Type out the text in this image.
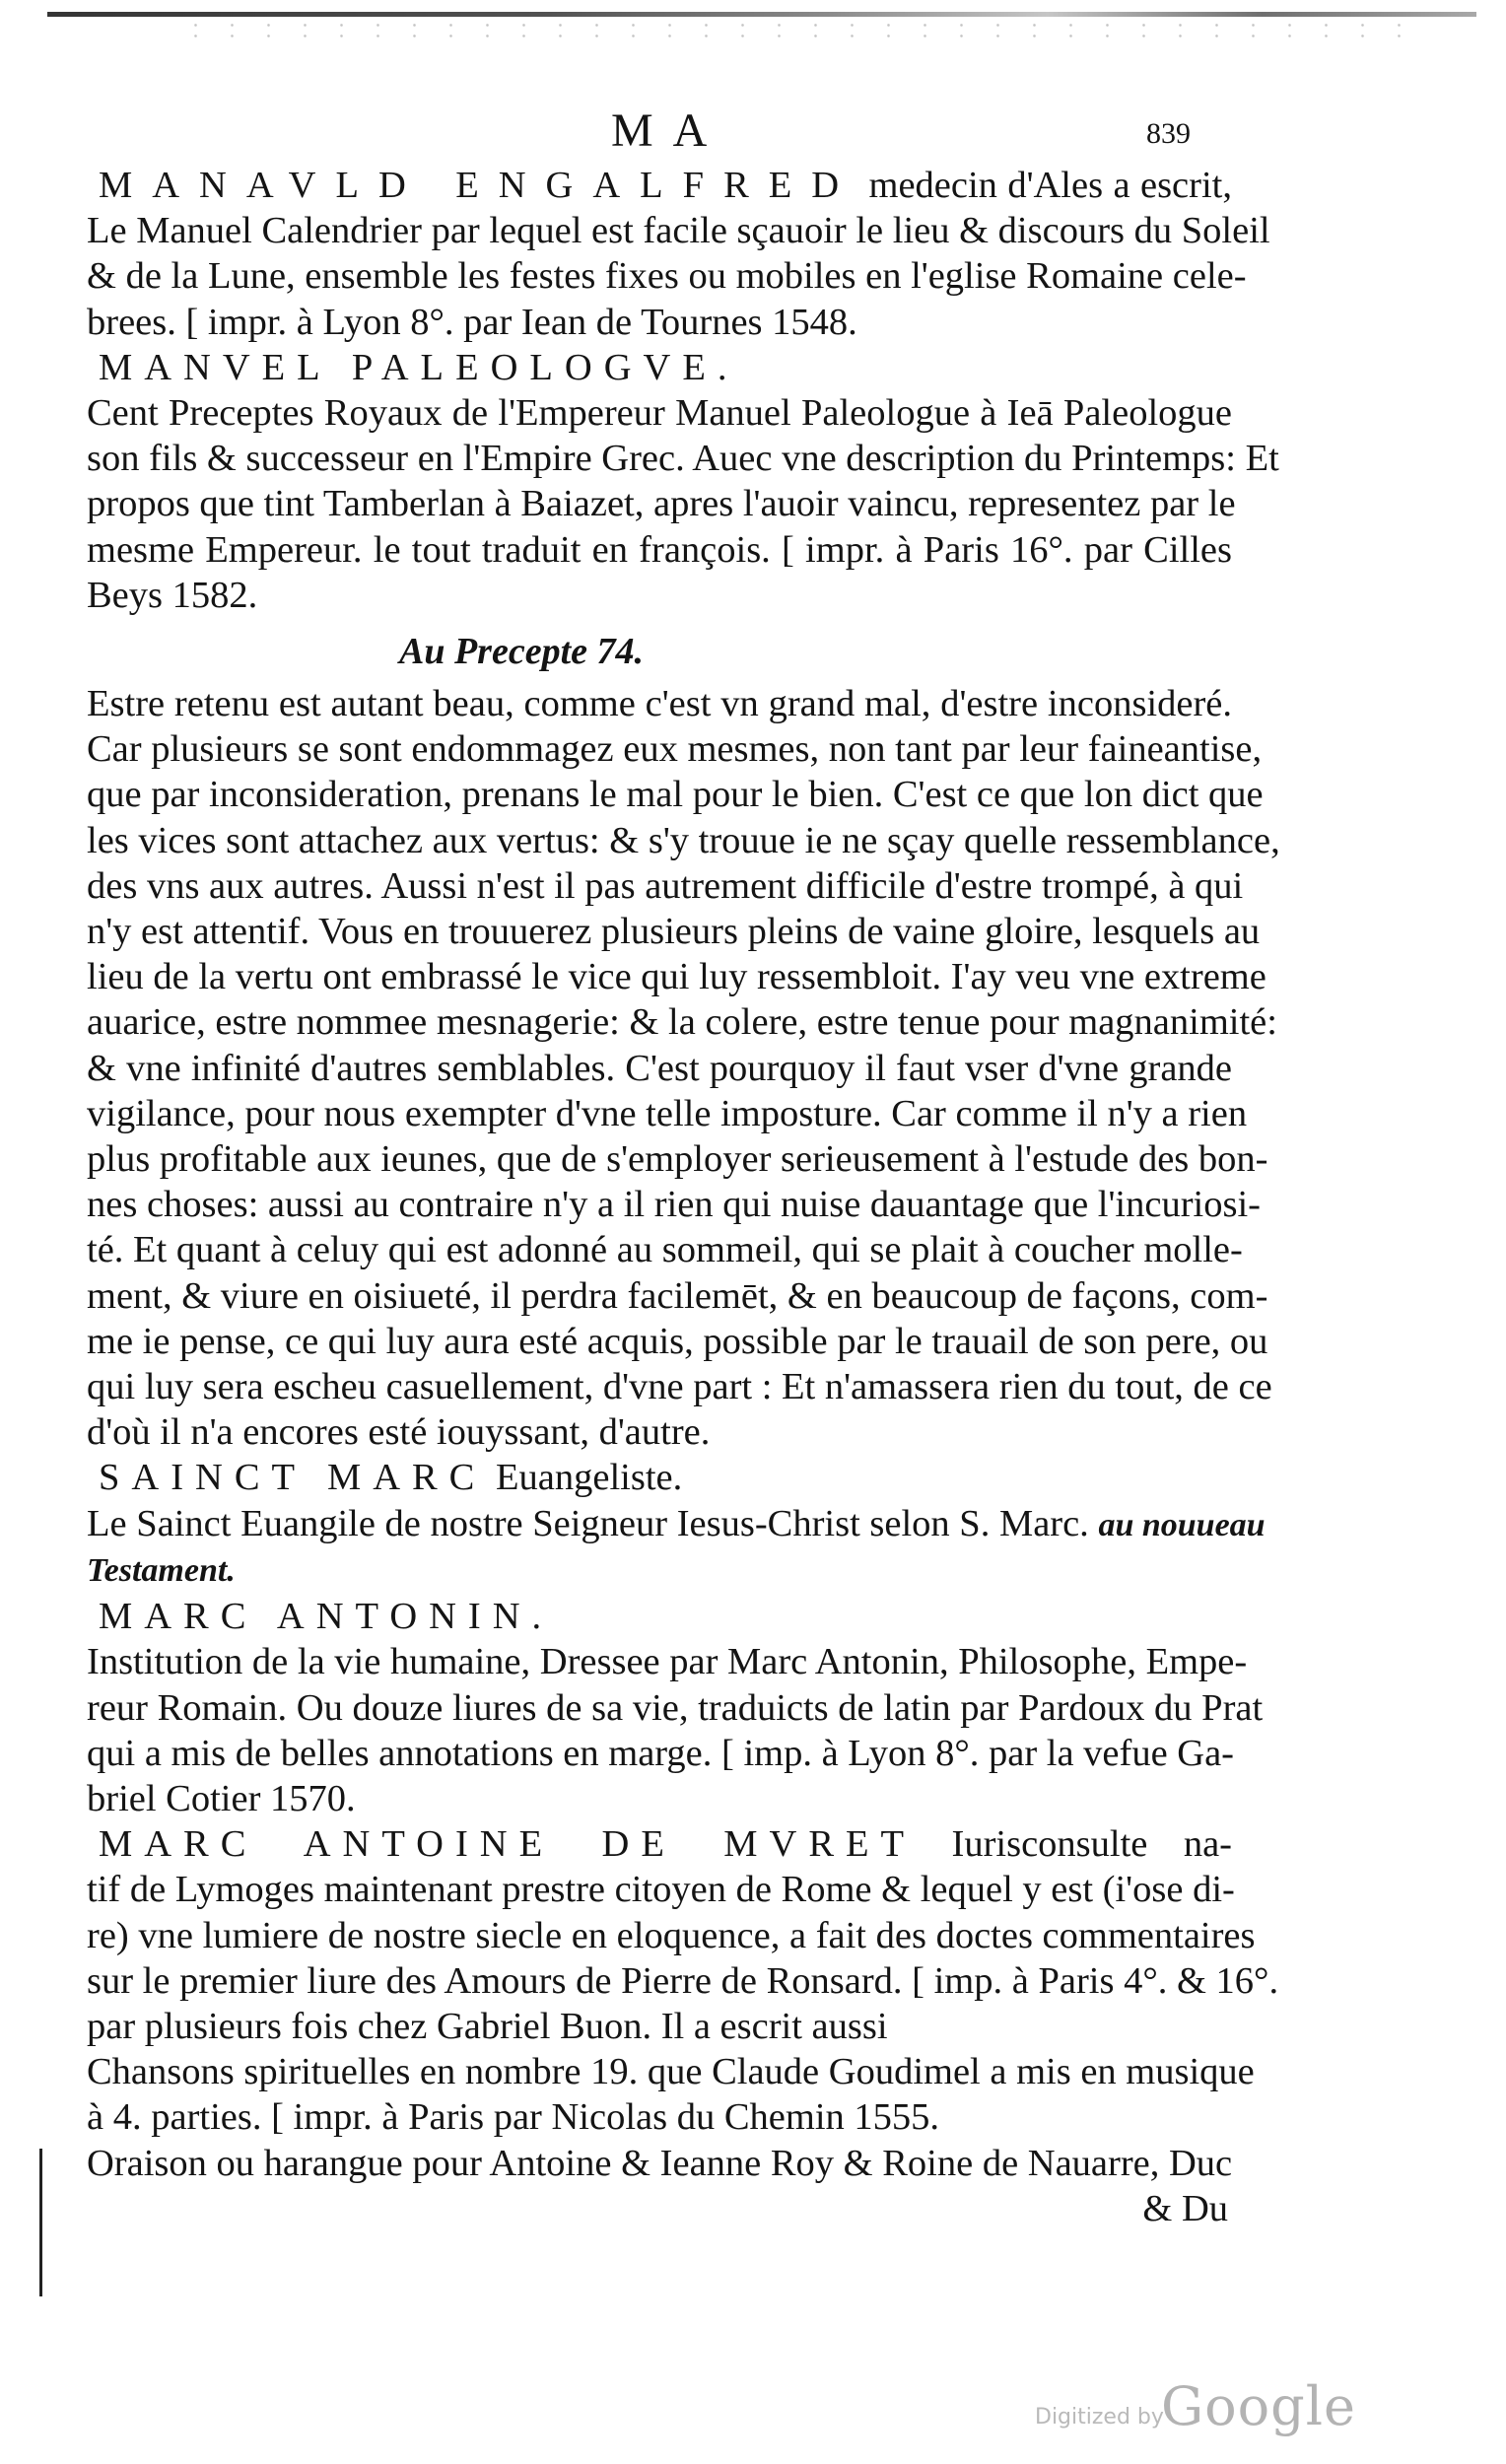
MA	839
MANAVLD ENGALFRED medecin d'Ales a escrit,
Le Manuel Calendrier par lequel est facile sçauoir le lieu & discours du Soleil
& de la Lune, ensemble les festes fixes ou mobiles en l'eglise Romaine cele-
brees. [ impr. à Lyon 8°. par Iean de Tournes 1548.
MANVEL PALEOLOGVE.
Cent Preceptes Royaux de l'Empereur Manuel Paleologue à Ieā Paleologue
son fils & successeur en l'Empire Grec. Auec vne description du Printemps: Et
propos que tint Tamberlan à Baiazet, apres l'auoir vaincu, representez par le
mesme Empereur. le tout traduit en françois. [ impr. à Paris 16°. par Cilles
Beys 1582.
Au Precepte 74.
Estre retenu est autant beau, comme c'est vn grand mal, d'estre inconsideré.
Car plusieurs se sont endommagez eux mesmes, non tant par leur faineantise,
que par inconsideration, prenans le mal pour le bien. C'est ce que lon dict que
les vices sont attachez aux vertus: & s'y trouue ie ne sçay quelle ressemblance,
des vns aux autres. Aussi n'est il pas autrement difficile d'estre trompé, à qui
n'y est attentif. Vous en trouuerez plusieurs pleins de vaine gloire, lesquels au
lieu de la vertu ont embrassé le vice qui luy ressembloit. I'ay veu vne extreme
auarice, estre nommee mesnagerie: & la colere, estre tenue pour magnanimité:
& vne infinité d'autres semblables. C'est pourquoy il faut vser d'vne grande
vigilance, pour nous exempter d'vne telle imposture. Car comme il n'y a rien
plus profitable aux ieunes, que de s'employer serieusement à l'estude des bon-
nes choses: aussi au contraire n'y a il rien qui nuise dauantage que l'incuriosi-
té. Et quant à celuy qui est adonné au sommeil, qui se plait à coucher molle-
ment, & viure en oisiueté, il perdra facilemēt, & en beaucoup de façons, com-
me ie pense, ce qui luy aura esté acquis, possible par le trauail de son pere, ou
qui luy sera escheu casuellement, d'vne part : Et n'amassera rien du tout, de ce
d'où il n'a encores esté iouyssant, d'autre.
SAINCT MARC Euangeliste.
Le Sainct Euangile de nostre Seigneur Iesus-Christ selon S. Marc. au nouueau
Testament.
MARC ANTONIN.
Institution de la vie humaine, Dressee par Marc Antonin, Philosophe, Empe-
reur Romain. Ou douze liures de sa vie, traduicts de latin par Pardoux du Prat
qui a mis de belles annotations en marge. [ imp. à Lyon 8°. par la vefue Ga-
briel Cotier 1570.
MARC ANTOINE DE MVRET Iurisconsulte na-
tif de Lymoges maintenant prestre citoyen de Rome & lequel y est (i'ose di-
re) vne lumiere de nostre siecle en eloquence, a fait des doctes commentaires
sur le premier liure des Amours de Pierre de Ronsard. [ imp. à Paris 4°. & 16°.
par plusieurs fois chez Gabriel Buon. Il a escrit aussi
Chansons spirituelles en nombre 19. que Claude Goudimel a mis en musique
à 4. parties. [ impr. à Paris par Nicolas du Chemin 1555.
Oraison ou harangue pour Antoine & Ieanne Roy & Roine de Nauarre, Duc
& Du
Digitized by
Google
